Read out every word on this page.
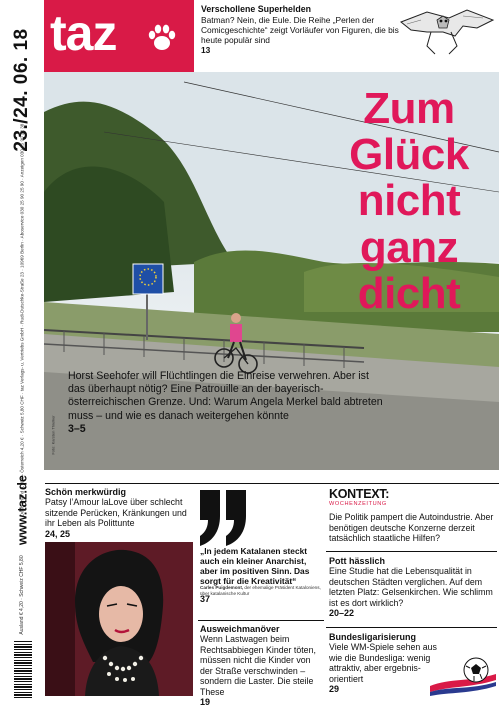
23./24. 06. 18
Deutschland 3,70 € · Österreich 4,20 € · Schweiz 5,80 CHF · taz Verlags- u. Vertriebs GmbH · Rudi-Dutschke-Straße 23 · 10969 Berlin · Aboservice 030 25 90 25 90 · Anzeigen 030 25 90 22 38
www.taz.de
Ausland € 4,20 · Schweiz CHF 5,80
taz	Verschollene Superhelden
Batman? Nein, die Eule. Die Reihe „Perlen der Comicgeschichte“ zeigt Vorläufer von Figuren, die bis heute populär sind
13
Zum
Glück
nicht
ganz
dicht
Horst Seehofer will Flüchtlingen die Einreise verwehren. Aber ist das überhaupt nötig? Eine Patrouille an der bayerisch-österreichischen Grenze. Und: Warum Angela Merkel bald abtreten muss – und wie es danach weitergehen könnte
3–5
Foto: Karsten Thielker
Schön merkwürdig
Patsy l’Amour laLove über schlecht sitzende Perücken, Kränkungen und ihr Leben als Polittunte
24, 25
„In jedem Katalanen steckt auch ein kleiner Anarchist, aber im positiven Sinn. Das sorgt für die Kreativität“
Carles Puigdemont, der ehemalige Präsident Kataloniens, über katalanische Kultur
37
Ausweichmanöver
Wenn Lastwagen beim Rechtsabbiegen Kinder töten, müssen nicht die Kinder von der Straße verschwinden – sondern die Laster. Die steile These
19
KONTEXT:
WOCHENZEITUNG
Die Politik pampert die Autoindustrie. Aber benötigen deutsche Konzerne derzeit tatsächlich staatliche Hilfen?
Pott hässlich
Eine Studie hat die Lebensqualität in deutschen Städten verglichen. Auf dem letzten Platz: Gelsenkirchen. Wie schlimm ist es dort wirklich?
20–22
Bundesligarisierung
Viele WM-Spiele sehen aus wie die Bundesliga: wenig attraktiv, aber ergebnis-orientiert
29
